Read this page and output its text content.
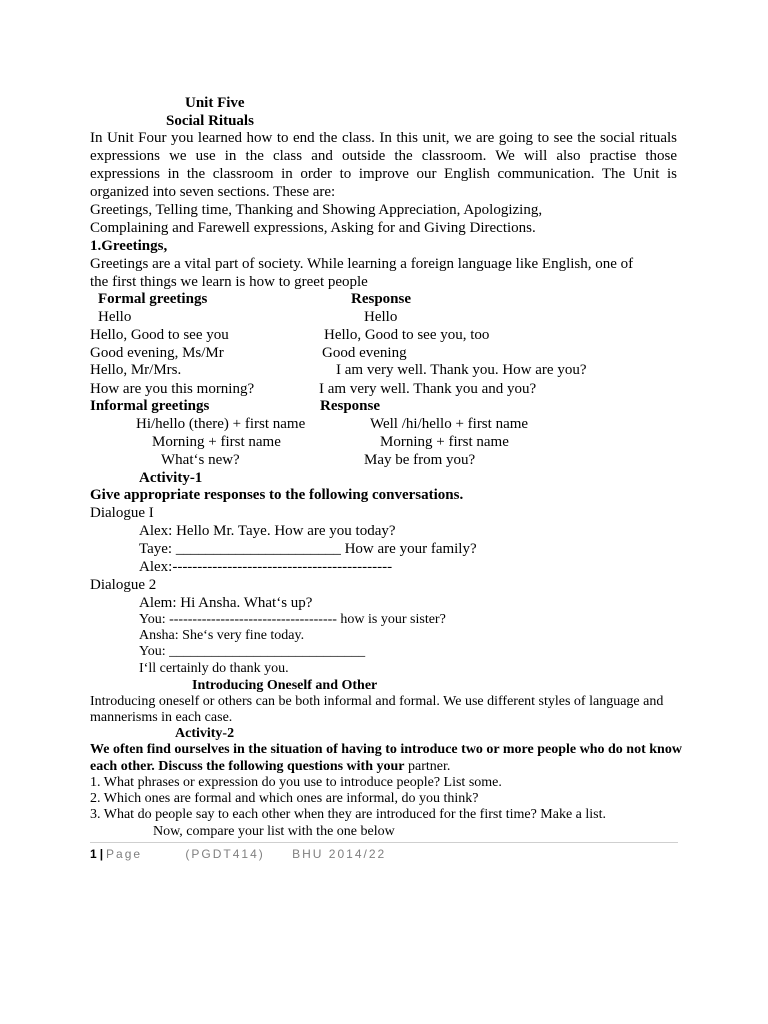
Unit Five
Social Rituals
In Unit Four you learned how to end the class. In this unit, we are going to see the social rituals
expressions we use in the class and outside the classroom. We will also practise those
expressions in the classroom in order to improve our English communication. The Unit is
organized into seven sections. These are:
Greetings, Telling time, Thanking and Showing Appreciation, Apologizing,
Complaining and Farewell expressions, Asking for and Giving Directions.
1.Greetings,
Greetings are a vital part of society. While learning a foreign language like English, one of
the first things we learn is how to greet people
Formal greetings	Response
Hello	Hello
Hello, Good to see you	Hello, Good to see you, too
Good evening, Ms/Mr	Good evening
Hello, Mr/Mrs.	I am very well. Thank you. How are you?
How are you this morning?	I am very well. Thank you and you?
Informal greetings	Response
Hi/hello (there) + first name	Well /hi/hello + first name
Morning + first name	Morning + first name
What‘s new?	May be from you?
Activity-1
Give appropriate responses to the following conversations.
Dialogue I
Alex: Hello Mr. Taye. How are you today?
Taye: ______________________ How are your family?
Alex:--------------------------------------------
Dialogue 2
Alem: Hi Ansha. What‘s up?
You: ------------------------------------ how is your sister?
Ansha: She‘s very fine today.
You: ____________________________
I‘ll certainly do thank you.
Introducing Oneself and Other
Introducing oneself or others can be both informal and formal. We use different styles of language and
mannerisms in each case.
Activity-2
We often find ourselves in the situation of having to introduce two or more people who do not know
each other. Discuss the following questions with your partner.
1. What phrases or expression do you use to introduce people? List some.
2. Which ones are formal and which ones are informal, do you think?
3. What do people say to each other when they are introduced for the first time? Make a list.
Now, compare your list with the one below
1 | Page	(PGDT414) BHU 2014/22
